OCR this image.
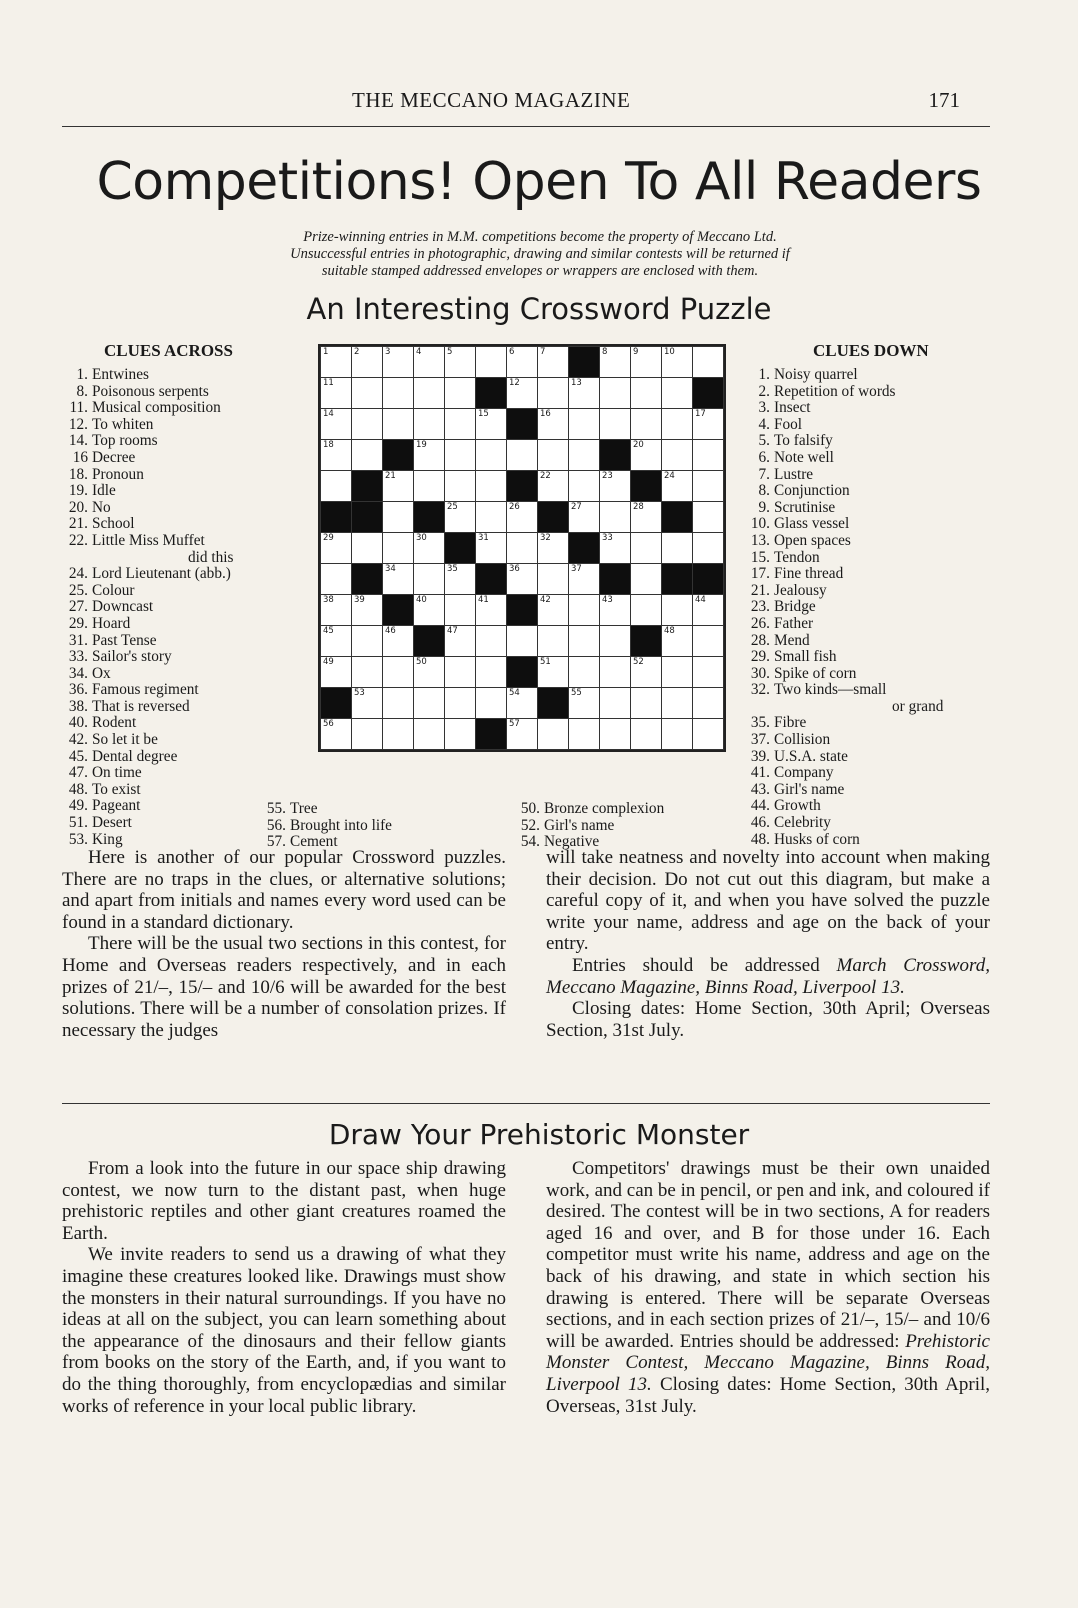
THE MECCANO MAGAZINE	171
Competitions! Open To All Readers
Prize-winning entries in M.M. competitions become the property of Meccano Ltd.
Unsuccessful entries in photographic, drawing and similar contests will be returned if
suitable stamped addressed envelopes or wrappers are enclosed with them.
An Interesting Crossword Puzzle
CLUES ACROSS
1. Entwines
8. Poisonous serpents
11. Musical composition
12. To whiten
14. Top rooms
16 Decree
18. Pronoun
19. Idle
20. No
21. School
22. Little Miss Muffet
did this
24. Lord Lieutenant (abb.)
25. Colour
27. Downcast
29. Hoard
31. Past Tense
33. Sailor's story
34. Ox
36. Famous regiment
38. That is reversed
40. Rodent
42. So let it be
45. Dental degree
47. On time
48. To exist
49. Pageant
51. Desert
53. King
55. Tree
56. Brought into life
57. Cement
50. Bronze complexion
52. Girl's name
54. Negative
1	2	3	4	5		6	7		8	9	10	

11						12		13				

14					15		16					17

18			19							20		

		21					22		23		24	

				25		26		27		28		

29			30		31		32		33			

		34		35		36		37				

38	39		40		41		42		43			44

45		46		47							48	

49			50				51			52		

	53					54		55				

56						57						

CLUES DOWN
1. Noisy quarrel
2. Repetition of words
3. Insect
4. Fool
5. To falsify
6. Note well
7. Lustre
8. Conjunction
9. Scrutinise
10. Glass vessel
13. Open spaces
15. Tendon
17. Fine thread
21. Jealousy
23. Bridge
26. Father
28. Mend
29. Small fish
30. Spike of corn
32. Two kinds—small
or grand
35. Fibre
37. Collision
39. U.S.A. state
41. Company
43. Girl's name
44. Growth
46. Celebrity
48. Husks of corn

Here is another of our popular Crossword puzzles. There are no traps in the clues, or alternative solutions; and apart from initials and names every word used can be found in a standard dictionary.

There will be the usual two sections in this contest, for Home and Overseas readers respectively, and in each prizes of 21/–, 15/– and 10/6 will be awarded for the best solutions. There will be a number of consolation prizes. If necessary the judges

will take neatness and novelty into account when making their decision. Do not cut out this diagram, but make a careful copy of it, and when you have solved the puzzle write your name, address and age on the back of your entry.

Entries should be addressed March Crossword, Meccano Magazine, Binns Road, Liverpool 13.

Closing dates: Home Section, 30th April; Overseas Section, 31st July.

Draw Your Prehistoric Monster

From a look into the future in our space ship drawing contest, we now turn to the distant past, when huge prehistoric reptiles and other giant creatures roamed the Earth.

We invite readers to send us a drawing of what they imagine these creatures looked like. Drawings must show the monsters in their natural surroundings. If you have no ideas at all on the subject, you can learn something about the appearance of the dinosaurs and their fellow giants from books on the story of the Earth, and, if you want to do the thing thoroughly, from encyclopædias and similar works of reference in your local public library.

Competitors' drawings must be their own unaided work, and can be in pencil, or pen and ink, and coloured if desired. The contest will be in two sections, A for readers aged 16 and over, and B for those under 16. Each competitor must write his name, address and age on the back of his drawing, and state in which section his drawing is entered. There will be separate Overseas sections, and in each section prizes of 21/–, 15/– and 10/6 will be awarded. Entries should be addressed: Prehistoric Monster Contest, Meccano Magazine, Binns Road, Liverpool 13. Closing dates: Home Section, 30th April, Overseas, 31st July.
